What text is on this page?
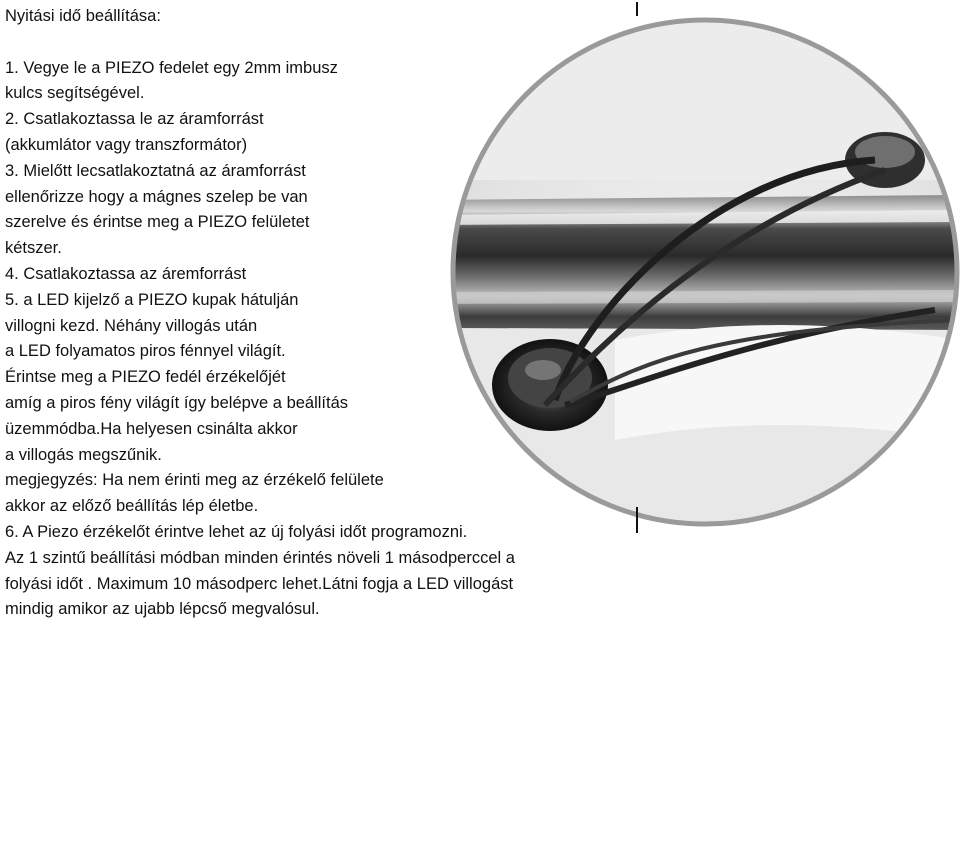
Nyitási idő beállítása:
1. Vegye le a PIEZO fedelet egy 2mm imbusz
kulcs segítségével.
2. Csatlakoztassa le az áramforrást
(akkumlátor vagy transzformátor)
3. Mielőtt lecsatlakoztatná az áramforrást
ellenőrizze hogy a mágnes szelep be van
szerelve és érintse meg a PIEZO felületet
kétszer.
4. Csatlakoztassa az áremforrást
5. a LED kijelző a PIEZO kupak hátulján
villogni kezd. Néhány villogás után
a LED folyamatos piros fénnyel világít.
Érintse meg a PIEZO fedél érzékelőjét
amíg a piros fény világít így belépve a beállítás
üzemmódba.Ha helyesen csinálta akkor
a villogás megszűnik.
megjegyzés: Ha nem érinti meg az érzékelő felülete
akkor az előző beállítás lép életbe.
6. A Piezo érzékelőt érintve lehet az új folyási időt programozni.
Az 1 szintű beállítási módban minden érintés növeli 1 másodperccel a
folyási időt . Maximum 10 másodperc lehet.Látni fogja a LED villogást
mindig amikor az ujabb lépcső megvalósul.
